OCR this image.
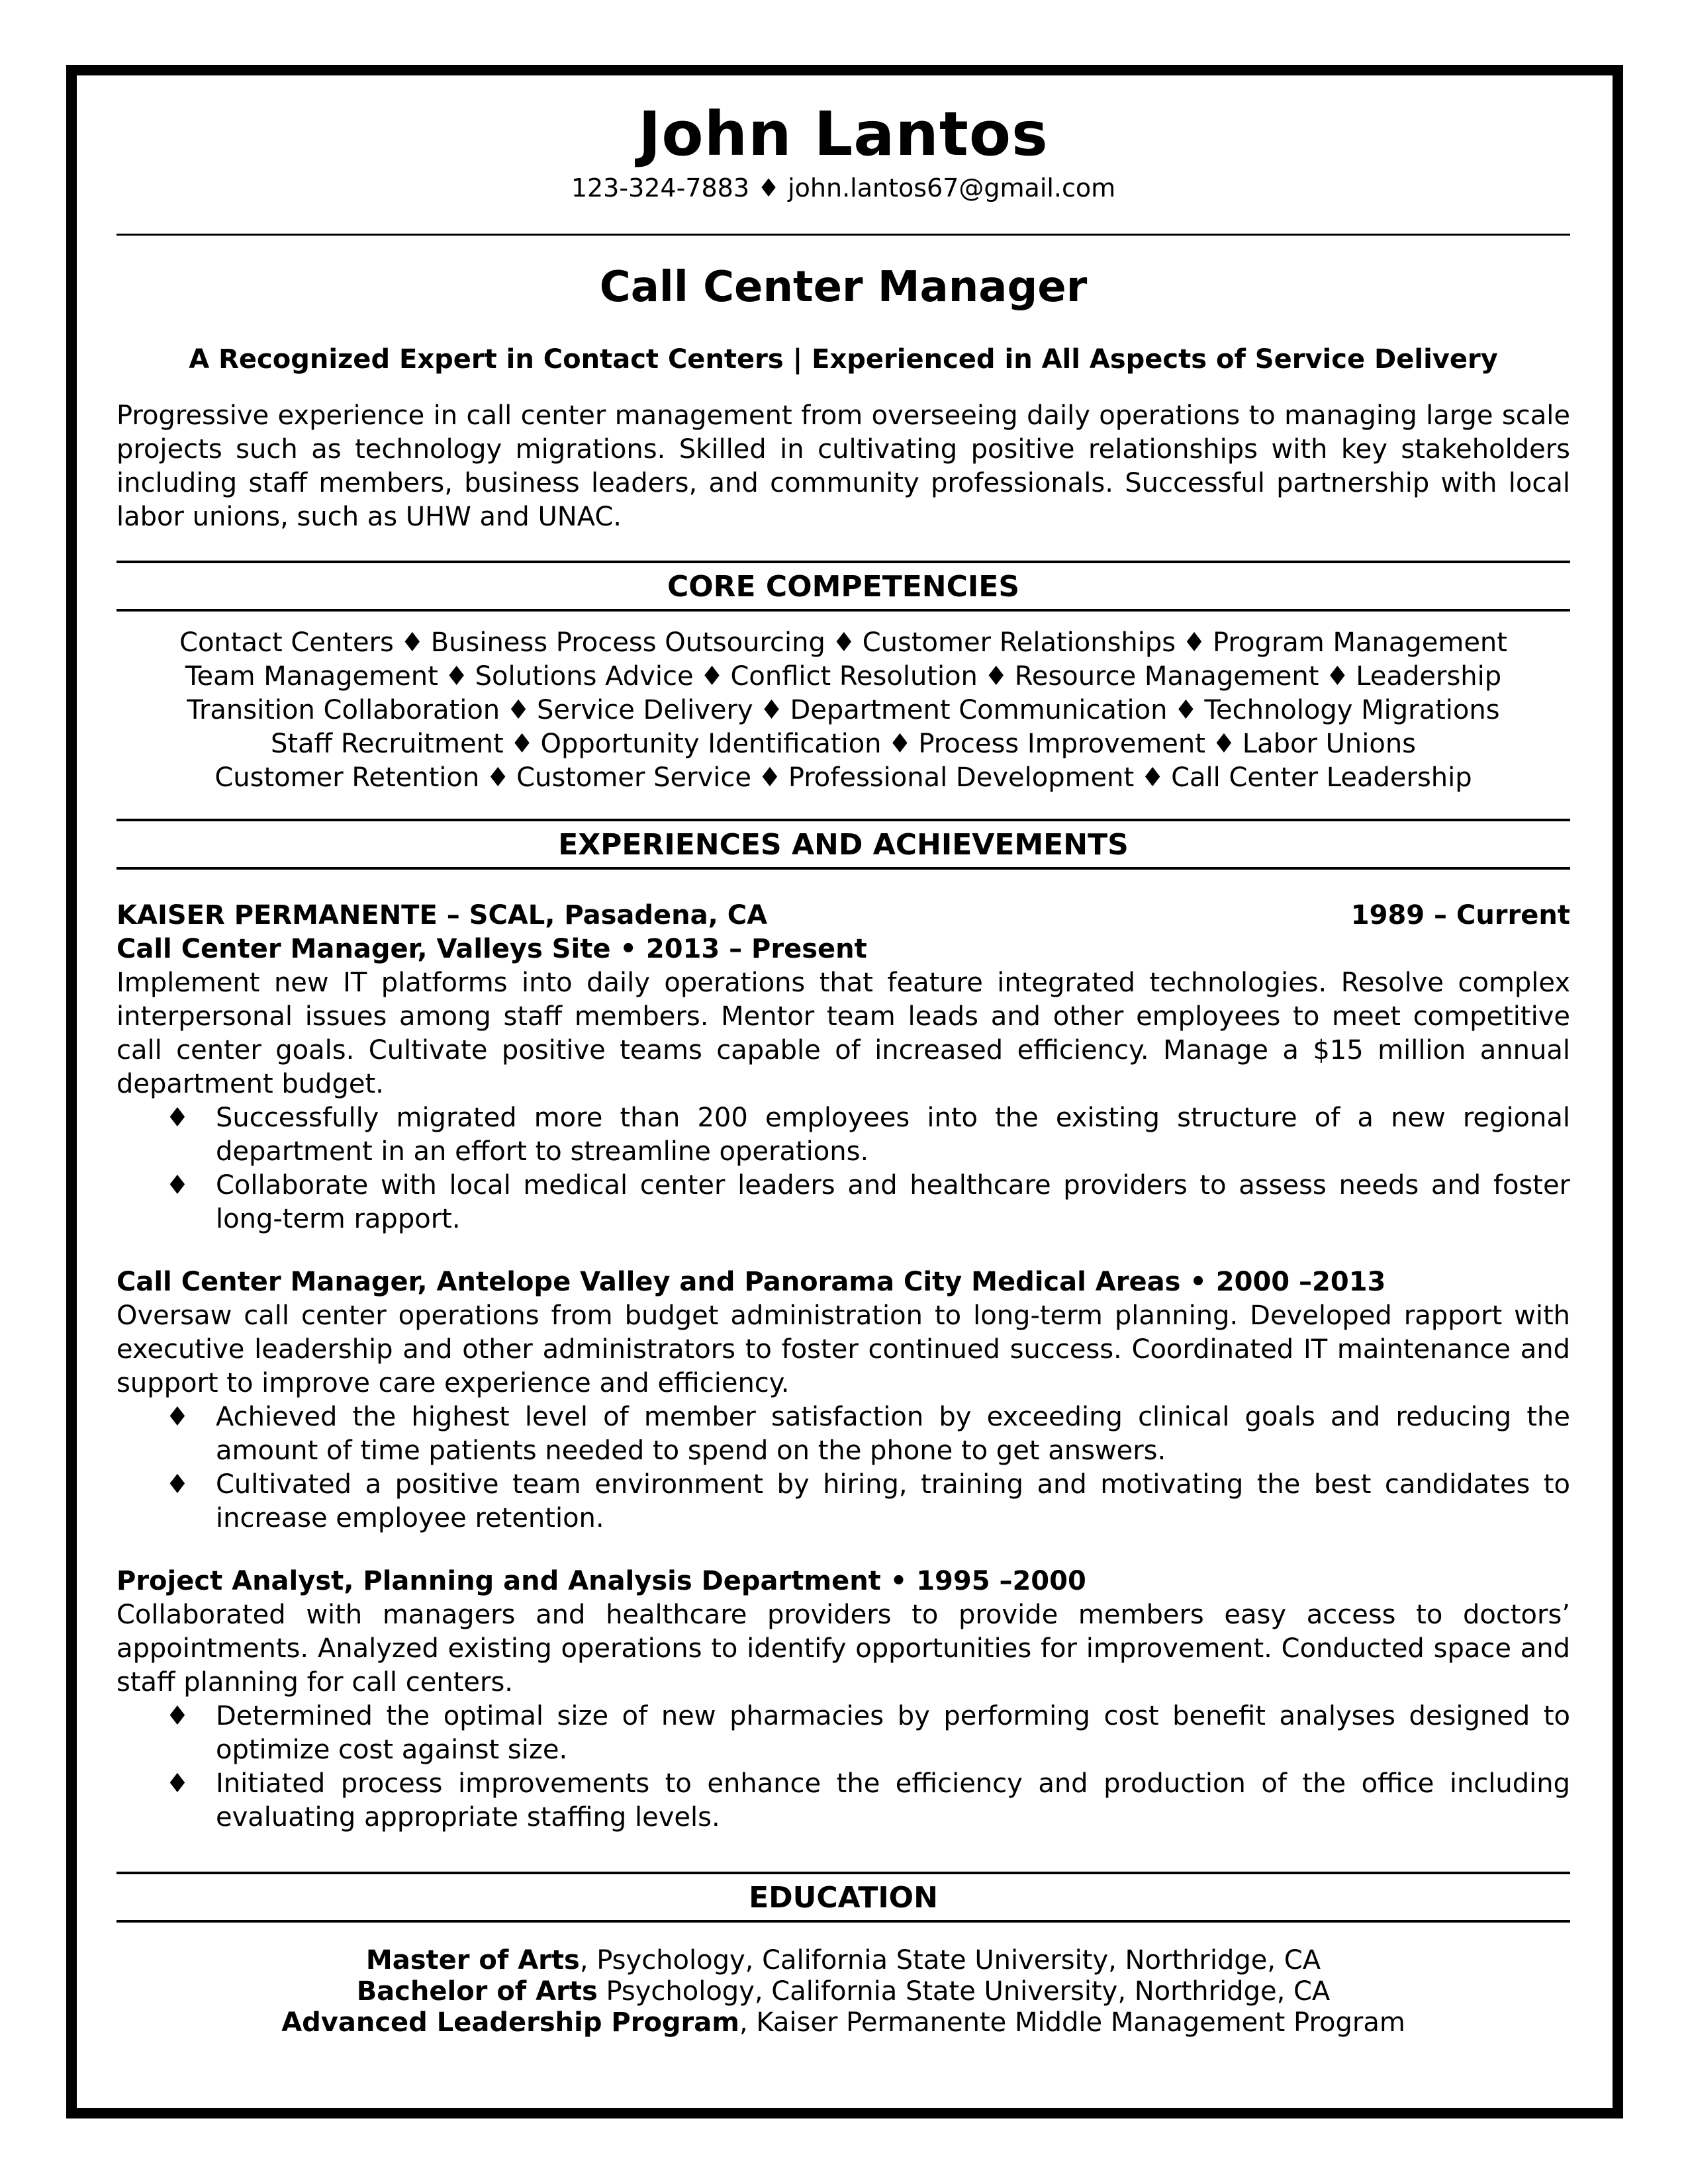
John Lantos
123-324-7883 ♦ john.lantos67@gmail.com
Call Center Manager
A Recognized Expert in Contact Centers | Experienced in All Aspects of Service Delivery
Progressive experience in call center management from overseeing daily operations to managing large scale projects such as technology migrations. Skilled in cultivating positive relationships with key stakeholders including staff members, business leaders, and community professionals. Successful partnership with local labor unions, such as UHW and UNAC.
CORE COMPETENCIES
Contact Centers ♦ Business Process Outsourcing ♦ Customer Relationships ♦ Program Management
Team Management ♦ Solutions Advice ♦ Conflict Resolution ♦ Resource Management ♦ Leadership
Transition Collaboration ♦ Service Delivery ♦ Department Communication ♦ Technology Migrations
Staff Recruitment ♦ Opportunity Identification ♦ Process Improvement ♦ Labor Unions
Customer Retention ♦ Customer Service ♦ Professional Development ♦ Call Center Leadership
EXPERIENCES AND ACHIEVEMENTS
KAISER PERMANENTE – SCAL, Pasadena, CA	1989 – Current
Call Center Manager, Valleys Site • 2013 – Present
Implement new IT platforms into daily operations that feature integrated technologies. Resolve complex interpersonal issues among staff members. Mentor team leads and other employees to meet competitive call center goals. Cultivate positive teams capable of increased efficiency. Manage a $15 million annual department budget.
♦ Successfully migrated more than 200 employees into the existing structure of a new regional department in an effort to streamline operations.
♦ Collaborate with local medical center leaders and healthcare providers to assess needs and foster long-term rapport.
Call Center Manager, Antelope Valley and Panorama City Medical Areas • 2000 –2013
Oversaw call center operations from budget administration to long-term planning. Developed rapport with executive leadership and other administrators to foster continued success. Coordinated IT maintenance and support to improve care experience and efficiency.
♦ Achieved the highest level of member satisfaction by exceeding clinical goals and reducing the amount of time patients needed to spend on the phone to get answers.
♦ Cultivated a positive team environment by hiring, training and motivating the best candidates to increase employee retention.
Project Analyst, Planning and Analysis Department • 1995 –2000
Collaborated with managers and healthcare providers to provide members easy access to doctors’ appointments. Analyzed existing operations to identify opportunities for improvement. Conducted space and staff planning for call centers.
♦ Determined the optimal size of new pharmacies by performing cost benefit analyses designed to optimize cost against size.
♦ Initiated process improvements to enhance the efficiency and production of the office including evaluating appropriate staffing levels.
EDUCATION
Master of Arts, Psychology, California State University, Northridge, CA
Bachelor of Arts Psychology, California State University, Northridge, CA
Advanced Leadership Program, Kaiser Permanente Middle Management Program
